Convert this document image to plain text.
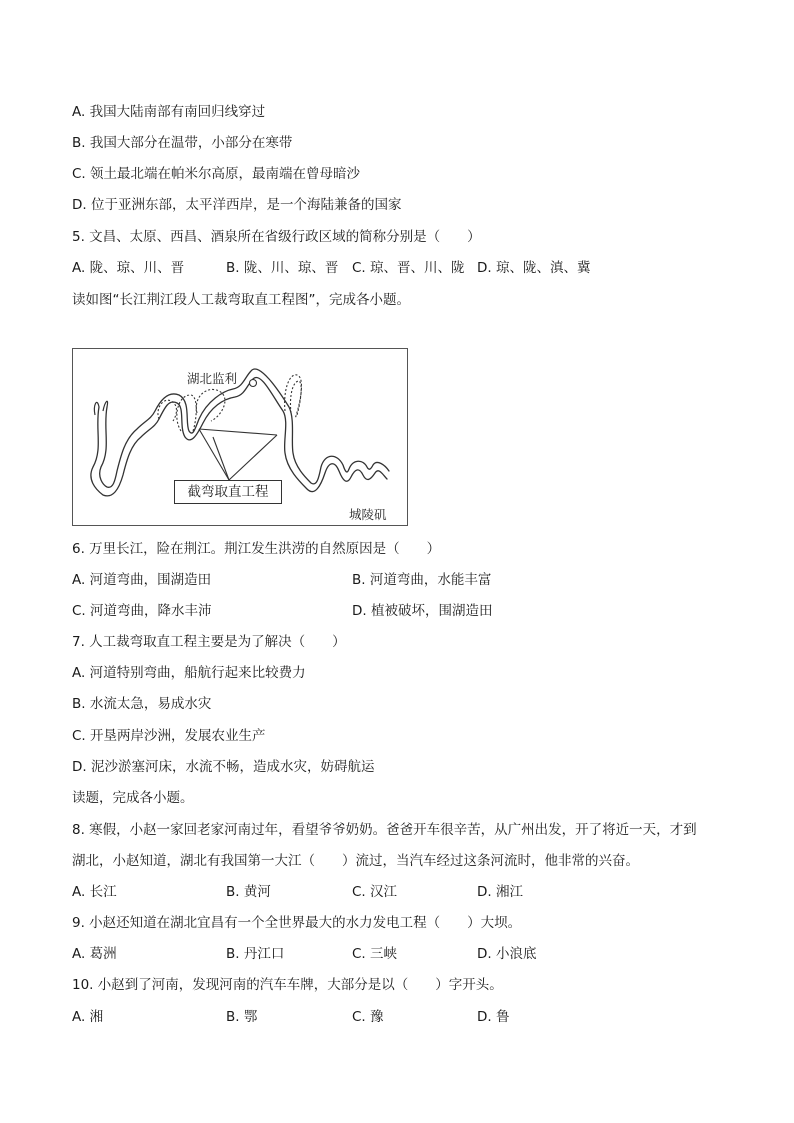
A. 我国大陆南部有南回归线穿过
B. 我国大部分在温带，小部分在寒带
C. 领土最北端在帕米尔高原，最南端在曾母暗沙
D. 位于亚洲东部，太平洋西岸，是一个海陆兼备的国家
5. 文昌、太原、西昌、酒泉所在省级行政区域的简称分别是（　　）
A. 陇、琼、川、晋	B. 陇、川、琼、晋 C. 琼、晋、川、陇 D. 琼、陇、滇、冀
读如图“长江荆江段人工裁弯取直工程图”，完成各小题。
湖北监利
截弯取直工程
城陵矶
6. 万里长江，险在荆江。荆江发生洪涝的自然原因是（　　）
A. 河道弯曲，围湖造田	B. 河道弯曲，水能丰富
C. 河道弯曲，降水丰沛	D. 植被破坏，围湖造田
7. 人工裁弯取直工程主要是为了解决（　　）
A. 河道特别弯曲，船航行起来比较费力
B. 水流太急，易成水灾
C. 开垦两岸沙洲，发展农业生产
D. 泥沙淤塞河床，水流不畅，造成水灾，妨碍航运
读题，完成各小题。
8. 寒假，小赵一家回老家河南过年，看望爷爷奶奶。爸爸开车很辛苦，从广州出发，开了将近一天，才到
湖北，小赵知道，湖北有我国第一大江（　　）流过，当汽车经过这条河流时，他非常的兴奋。
A. 长江	B. 黄河	C. 汉江	D. 湘江
9. 小赵还知道在湖北宜昌有一个全世界最大的水力发电工程（　　）大坝。
A. 葛洲	B. 丹江口	C. 三峡	D. 小浪底
10. 小赵到了河南，发现河南的汽车车牌，大部分是以（　　）字开头。
A. 湘	B. 鄂	C. 豫	D. 鲁
